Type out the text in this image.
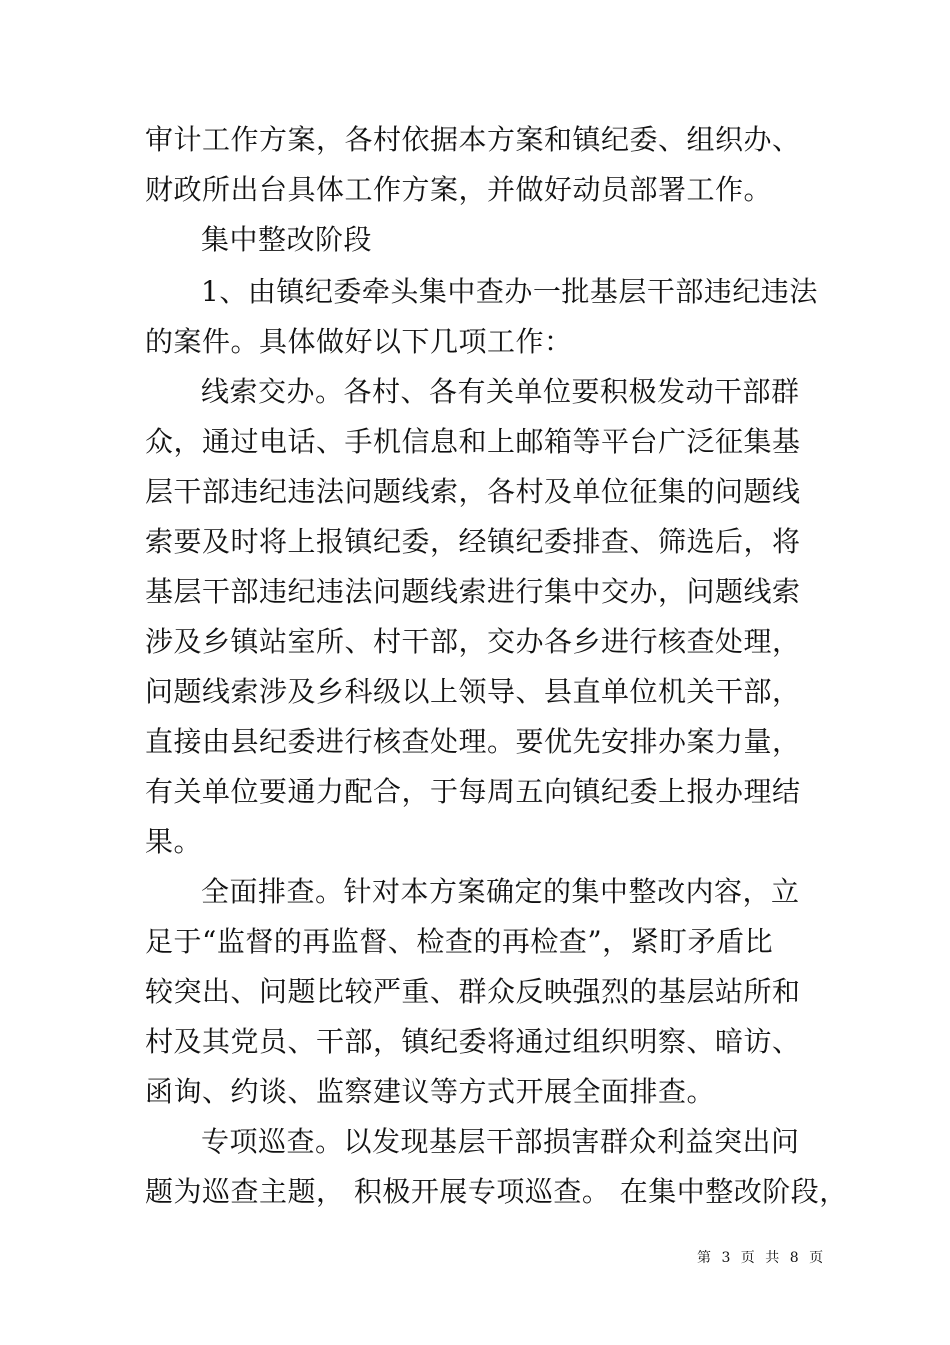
审计工作方案，各村依据本方案和镇纪委、组织办、
财政所出台具体工作方案，并做好动员部署工作。
集中整改阶段
1、由镇纪委牵头集中查办一批基层干部违纪违法
的案件。具体做好以下几项工作：
线索交办。各村、各有关单位要积极发动干部群
众，通过电话、手机信息和上邮箱等平台广泛征集基
层干部违纪违法问题线索，各村及单位征集的问题线
索要及时将上报镇纪委，经镇纪委排查、筛选后，将
基层干部违纪违法问题线索进行集中交办，问题线索
涉及乡镇站室所、村干部，交办各乡进行核查处理，
问题线索涉及乡科级以上领导、县直单位机关干部，
直接由县纪委进行核查处理。要优先安排办案力量，
有关单位要通力配合，于每周五向镇纪委上报办理结
果。
全面排查。针对本方案确定的集中整改内容，立
足于“监督的再监督、检查的再检查”，紧盯矛盾比
较突出、问题比较严重、群众反映强烈的基层站所和
村及其党员、干部，镇纪委将通过组织明察、暗访、
函询、约谈、监察建议等方式开展全面排查。
专项巡查。以发现基层干部损害群众利益突出问
题为巡查主题， 积极开展专项巡查。 在集中整改阶段，
第 3 页 共 8 页
